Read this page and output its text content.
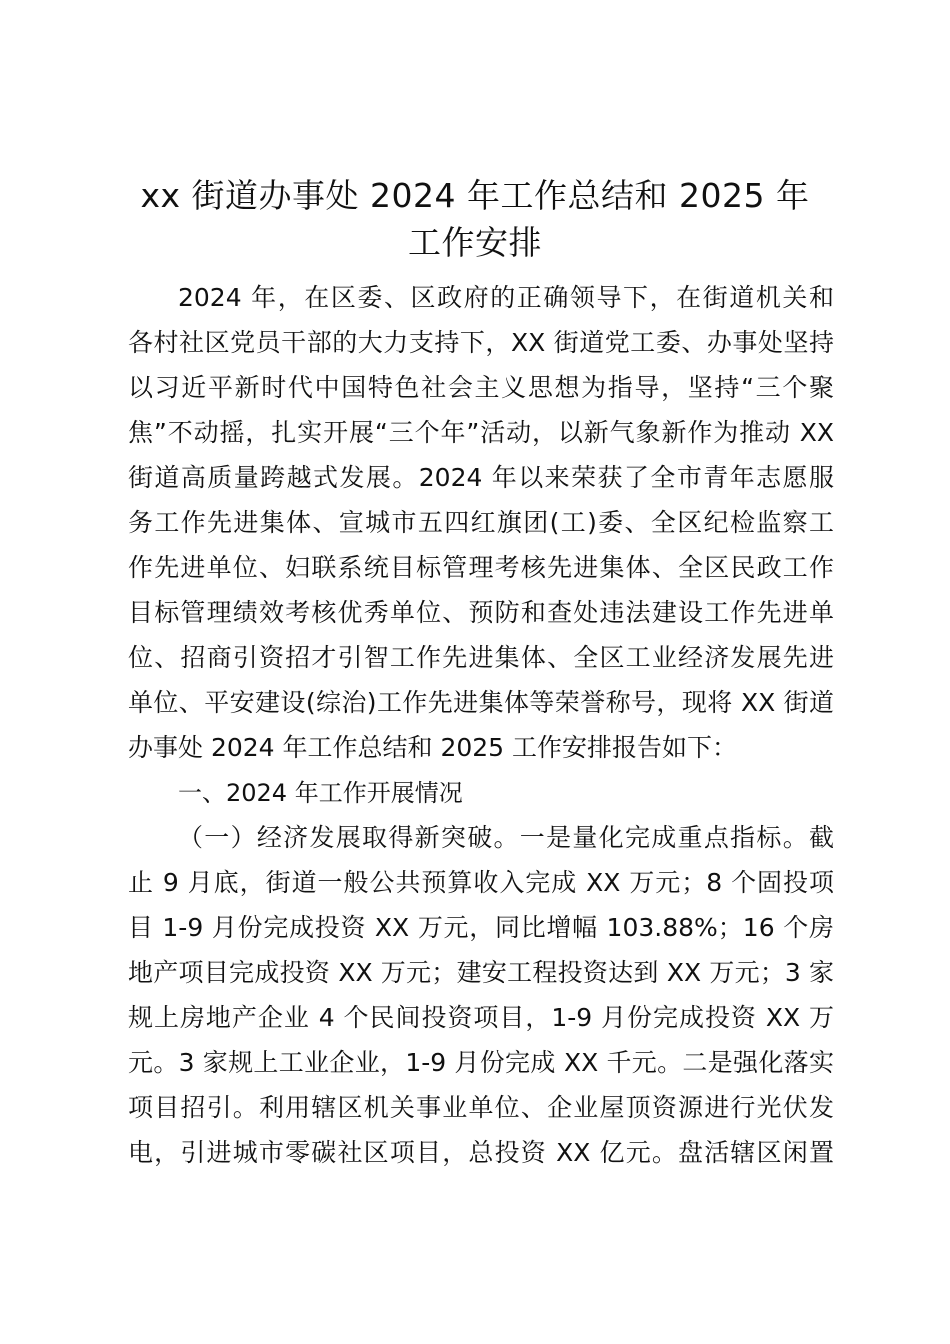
xx 街道办事处 2024 年工作总结和 2025 年
工作安排
2024 年，在区委、区政府的正确领导下，在街道机关和
各村社区党员干部的大力支持下，XX 街道党工委、办事处坚持
以习近平新时代中国特色社会主义思想为指导，坚持“三个聚
焦”不动摇，扎实开展“三个年”活动，以新气象新作为推动 XX
街道高质量跨越式发展。2024 年以来荣获了全市青年志愿服
务工作先进集体、宣城市五四红旗团(工)委、全区纪检监察工
作先进单位、妇联系统目标管理考核先进集体、全区民政工作
目标管理绩效考核优秀单位、预防和查处违法建设工作先进单
位、招商引资招才引智工作先进集体、全区工业经济发展先进
单位、平安建设(综治)工作先进集体等荣誉称号，现将 XX 街道
办事处 2024 年工作总结和 2025 工作安排报告如下：
一、2024 年工作开展情况
（一）经济发展取得新突破。一是量化完成重点指标。截
止 9 月底，街道一般公共预算收入完成 XX 万元；8 个固投项
目 1-9 月份完成投资 XX 万元，同比增幅 103.88%；16 个房
地产项目完成投资 XX 万元；建安工程投资达到 XX 万元；3 家
规上房地产企业 4 个民间投资项目，1-9 月份完成投资 XX 万
元。3 家规上工业企业，1-9 月份完成 XX 千元。二是强化落实
项目招引。利用辖区机关事业单位、企业屋顶资源进行光伏发
电，引进城市零碳社区项目，总投资 XX 亿元。盘活辖区闲置
